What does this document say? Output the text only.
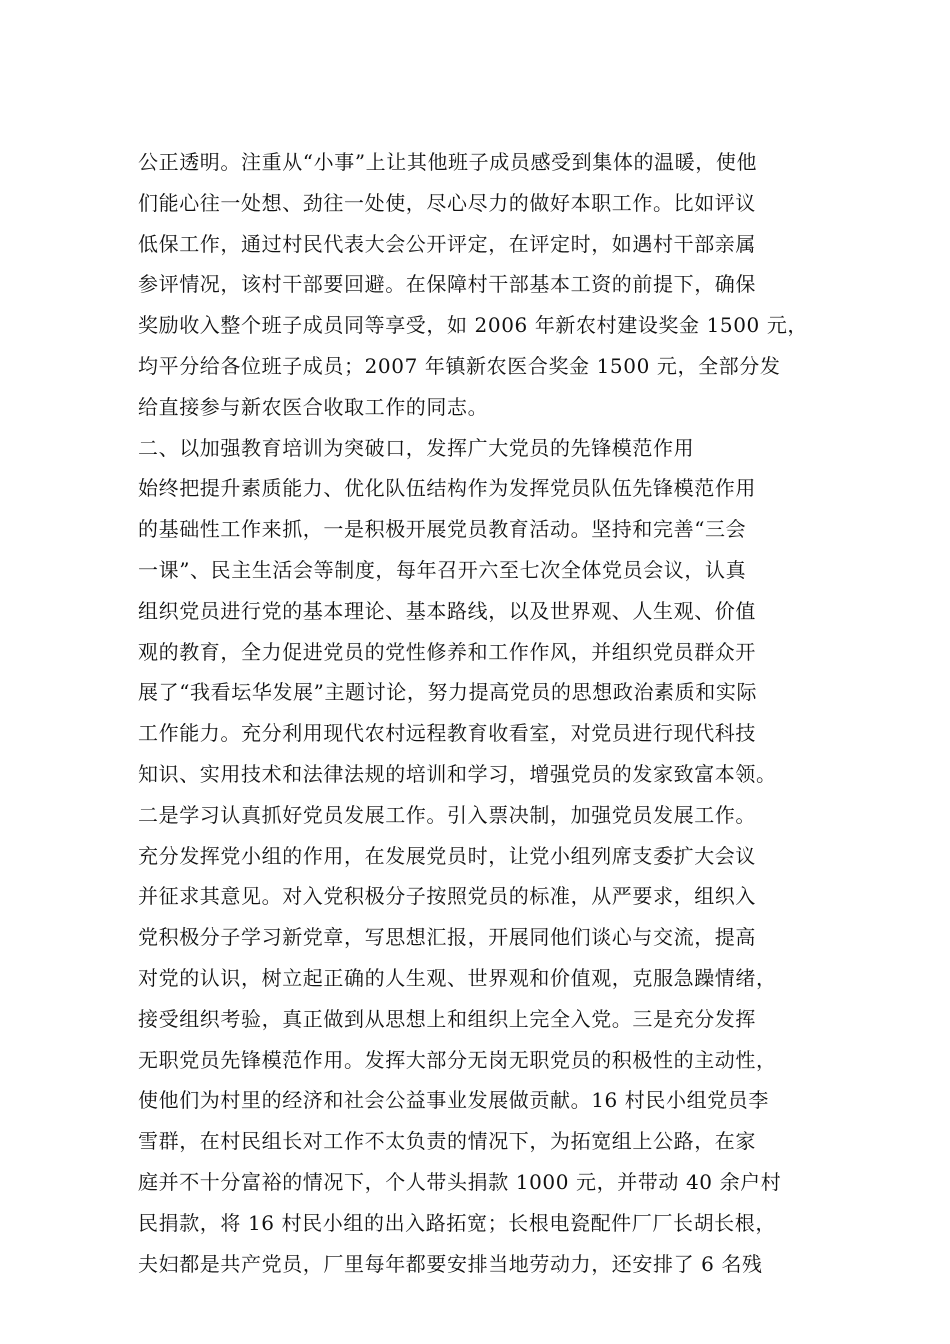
公正透明。注重从“小事”上让其他班子成员感受到集体的温暖，使他
们能心往一处想、劲往一处使，尽心尽力的做好本职工作。比如评议
低保工作，通过村民代表大会公开评定，在评定时，如遇村干部亲属
参评情况，该村干部要回避。在保障村干部基本工资的前提下，确保
奖励收入整个班子成员同等享受，如 2006 年新农村建设奖金 1500 元，
均平分给各位班子成员；2007 年镇新农医合奖金 1500 元，全部分发
给直接参与新农医合收取工作的同志。
二、以加强教育培训为突破口，发挥广大党员的先锋模范作用
始终把提升素质能力、优化队伍结构作为发挥党员队伍先锋模范作用
的基础性工作来抓，一是积极开展党员教育活动。坚持和完善“三会
一课”、民主生活会等制度，每年召开六至七次全体党员会议，认真
组织党员进行党的基本理论、基本路线，以及世界观、人生观、价值
观的教育，全力促进党员的党性修养和工作作风，并组织党员群众开
展了“我看坛华发展”主题讨论，努力提高党员的思想政治素质和实际
工作能力。充分利用现代农村远程教育收看室，对党员进行现代科技
知识、实用技术和法律法规的培训和学习，增强党员的发家致富本领。
二是学习认真抓好党员发展工作。引入票决制，加强党员发展工作。
充分发挥党小组的作用，在发展党员时，让党小组列席支委扩大会议
并征求其意见。对入党积极分子按照党员的标准，从严要求，组织入
党积极分子学习新党章，写思想汇报，开展同他们谈心与交流，提高
对党的认识，树立起正确的人生观、世界观和价值观，克服急躁情绪，
接受组织考验，真正做到从思想上和组织上完全入党。三是充分发挥
无职党员先锋模范作用。发挥大部分无岗无职党员的积极性的主动性，
使他们为村里的经济和社会公益事业发展做贡献。16 村民小组党员李
雪群，在村民组长对工作不太负责的情况下，为拓宽组上公路，在家
庭并不十分富裕的情况下，个人带头捐款 1000 元，并带动 40 余户村
民捐款，将 16 村民小组的出入路拓宽；长根电瓷配件厂厂长胡长根，
夫妇都是共产党员，厂里每年都要安排当地劳动力，还安排了 6 名残
